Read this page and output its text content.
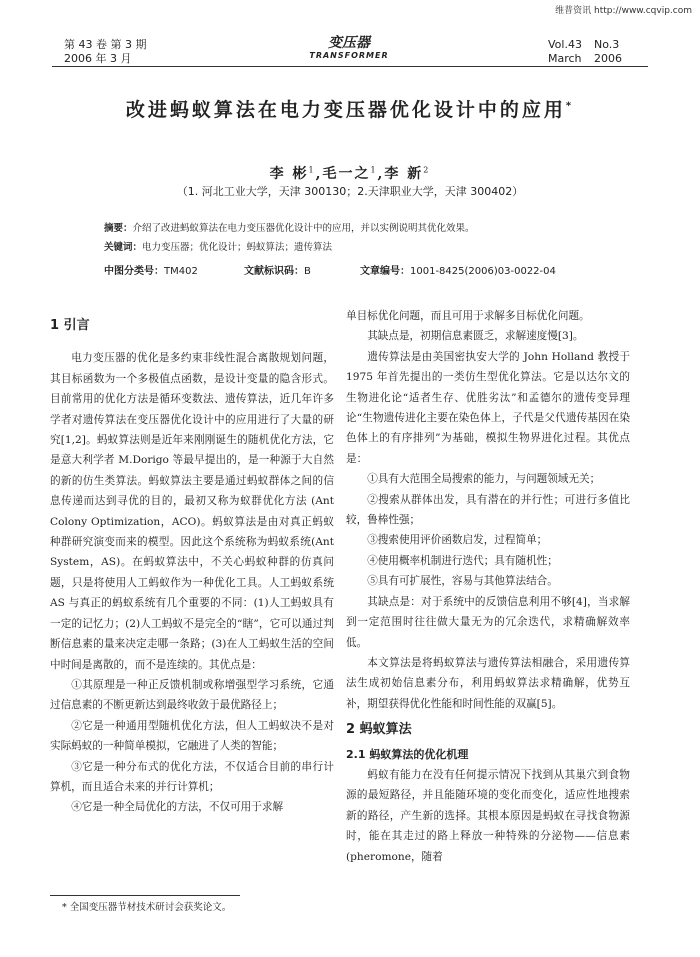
维普资讯 http://www.cqvip.com
第 43 卷 第 3 期
2006 年 3 月
变压器
TRANSFORMER
Vol.43 No.3
March 2006
改进蚂蚁算法在电力变压器优化设计中的应用*
李 彬$^1$,毛一之$^1$,李 新$^2$
（1. 河北工业大学，天津 300130；2.天津职业大学，天津 300402）
摘要：介绍了改进蚂蚁算法在电力变压器优化设计中的应用，并以实例说明其优化效果。
关键词：电力变压器；优化设计；蚂蚁算法；遗传算法
中图分类号：TM402	文献标识码：B	文章编号：1001-8425(2006)03-0022-04
1 引言

电力变压器的优化是多约束非线性混合离散规划问题，其目标函数为一个多极值点函数，是设计变量的隐含形式。目前常用的优化方法是循环变数法、遗传算法，近几年许多学者对遗传算法在变压器优化设计中的应用进行了大量的研究[1,2]。蚂蚁算法则是近年来刚刚诞生的随机优化方法，它是意大利学者 M.Dorigo 等最早提出的，是一种源于大自然的新的仿生类算法。蚂蚁算法主要是通过蚂蚁群体之间的信息传递而达到寻优的目的，最初又称为蚁群优化方法 (Ant Colony Optimization，ACO)。蚂蚁算法是由对真正蚂蚁种群研究演变而来的模型。因此这个系统称为蚂蚁系统(Ant System，AS)。在蚂蚁算法中，不关心蚂蚁种群的仿真问题，只是将使用人工蚂蚁作为一种优化工具。人工蚂蚁系统 AS 与真正的蚂蚁系统有几个重要的不同：(1)人工蚂蚁具有一定的记忆力；(2)人工蚂蚁不是完全的“瞎”，它可以通过判断信息素的量来决定走哪一条路；(3)在人工蚂蚁生活的空间中时间是离散的，而不是连续的。其优点是：

①其原理是一种正反馈机制或称增强型学习系统，它通过信息素的不断更新达到最终收敛于最优路径上；

②它是一种通用型随机优化方法，但人工蚂蚁决不是对实际蚂蚁的一种简单模拟，它融进了人类的智能；

③它是一种分布式的优化方法，不仅适合目前的串行计算机，而且适合未来的并行计算机；

④它是一种全局优化的方法，不仅可用于求解

单目标优化问题，而且可用于求解多目标优化问题。

其缺点是，初期信息素匮乏，求解速度慢[3]。

遗传算法是由美国密执安大学的 John Holland 教授于 1975 年首先提出的一类仿生型优化算法。它是以达尔文的生物进化论“适者生存、优胜劣汰”和孟德尔的遗传变异理论“生物遗传进化主要在染色体上，子代是父代遗传基因在染色体上的有序排列”为基础，模拟生物界进化过程。其优点是：

①具有大范围全局搜索的能力，与问题领域无关；

②搜索从群体出发，具有潜在的并行性；可进行多值比较，鲁棒性强；

③搜索使用评价函数启发，过程简单；

④使用概率机制进行迭代；具有随机性；

⑤具有可扩展性，容易与其他算法结合。

其缺点是：对于系统中的反馈信息利用不够[4]，当求解到一定范围时往往做大量无为的冗余迭代，求精确解效率低。

本文算法是将蚂蚁算法与遗传算法相融合，采用遗传算法生成初始信息素分布，利用蚂蚁算法求精确解，优势互补，期望获得优化性能和时间性能的双赢[5]。

2 蚂蚁算法
2.1 蚂蚁算法的优化机理

蚂蚁有能力在没有任何提示情况下找到从其巢穴到食物源的最短路径，并且能随环境的变化而变化，适应性地搜索新的路径，产生新的选择。其根本原因是蚂蚁在寻找食物源时，能在其走过的路上释放一种特殊的分泌物——信息素(pheromone，随着

* 全国变压器节材技术研讨会获奖论文。
